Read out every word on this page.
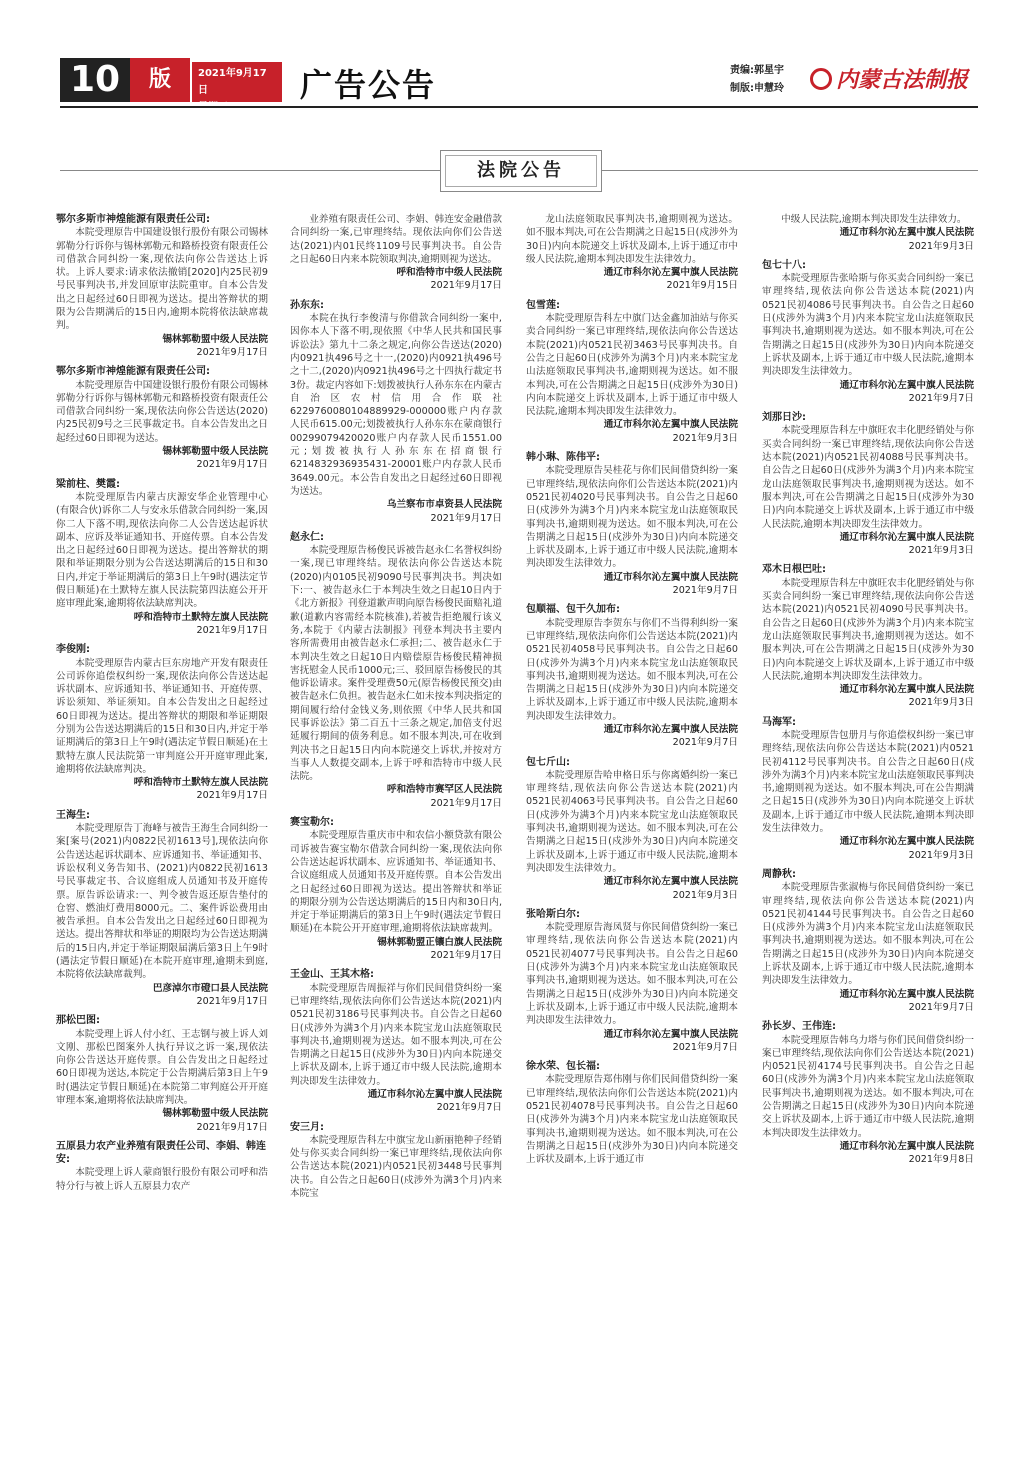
10	版	2021年9月17日	广告公告	责编:郭星宇
制版:申慧玲	内蒙古法制报
法院公告
鄂尔多斯市神煌能源有限责任公司:
本院受理原告中国建设银行股份有限公司锡林郭勒分行诉你与锡林郭勒元和路桥投资有限责任公司借款合同纠纷一案,现依法向你公告送达上诉状。上诉人要求:请求依法撤销[2020]内25民初9号民事判决书,并发回原审法院重审。自本公告发出之日起经过60日即视为送达。提出答辩状的期限为公告期满后的15日内,逾期本院将依法缺席裁判。
锡林郭勒盟中级人民法院
2021年9月17日
鄂尔多斯市神煌能源有限责任公司:
本院受理原告中国建设银行股份有限公司锡林郭勒分行诉你与锡林郭勒元和路桥投资有限责任公司借款合同纠纷一案,现依法向你公告送达(2020)内25民初9号之三民事裁定书。自本公告发出之日起经过60日即视为送达。
锡林郭勒盟中级人民法院
2021年9月17日
梁前柱、樊霞:
本院受理原告内蒙古庆源安华企业管理中心(有限合伙)诉你二人与安永乐借款合同纠纷一案,因你二人下落不明,现依法向你二人公告送达起诉状副本、应诉及举证通知书、开庭传票。自本公告发出之日起经过60日即视为送达。提出答辩状的期限和举证期限分别为公告送达期满后的15日和30日内,并定于举证期满后的第3日上午9时(遇法定节假日顺延)在土默特左旗人民法院第四法庭公开开庭审理此案,逾期将依法缺席判决。
呼和浩特市土默特左旗人民法院
2021年9月17日
李俊刚:
本院受理原告内蒙古巨东房地产开发有限责任公司诉你追偿权纠纷一案,现依法向你公告送达起诉状副本、应诉通知书、举证通知书、开庭传票、诉讼须知、举证须知。自本公告发出之日起经过60日即视为送达。提出答辩状的期限和举证期限分别为公告送达期满后的15日和30日内,并定于举证期满后的第3日上午9时(遇法定节假日顺延)在土默特左旗人民法院第一审判庭公开开庭审理此案,逾期将依法缺席判决。
呼和浩特市土默特左旗人民法院
2021年9月17日
王海生:
本院受理原告丁海峰与被告王海生合同纠纷一案[案号(2021)内0822民初1613号],现依法向你公告送达起诉状副本、应诉通知书、举证通知书、诉讼权利义务告知书、(2021)内0822民初1613号民事裁定书、合议庭组成人员通知书及开庭传票。原告诉讼请求:一、判令被告返还原告垫付的仓窖、燃油灯费用8000元。二、案件诉讼费用由被告承担。自本公告发出之日起经过60日即视为送达。提出答辩状和举证的期限均为公告送达期满后的15日内,并定于举证期限届满后第3日上午9时(遇法定节假日顺延)在本院开庭审理,逾期未到庭,本院将依法缺席裁判。
巴彦淖尔市磴口县人民法院
2021年9月17日
那松巴图:
本院受理上诉人付小红、王志钢与被上诉人刘文刚、那松巴图案外人执行异议之诉一案,现依法向你公告送达开庭传票。自公告发出之日起经过60日即视为送达,本院定于公告期满后第3日上午9时(遇法定节假日顺延)在本院第二审判庭公开开庭审理本案,逾期将依法缺席判决。
锡林郭勒盟中级人民法院
2021年9月17日
五原县力农产业养殖有限责任公司、李娟、韩连安:
本院受理上诉人蒙商银行股份有限公司呼和浩特分行与被上诉人五原县力农产
业养殖有限责任公司、李娟、韩连安金融借款合同纠纷一案,已审理终结。现依法向你们公告送达(2021)内01民终1109号民事判决书。自公告之日起60日内来本院领取判决,逾期则视为送达。
呼和浩特市中级人民法院
2021年9月17日
孙东东:
本院在执行李俊清与你借款合同纠纷一案中,因你本人下落不明,现依照《中华人民共和国民事诉讼法》第九十二条之规定,向你公告送达(2020)内0921执496号之十一,(2020)内0921执496号之十二,(2020)内0921执496号之十四执行裁定书3份。裁定内容如下:划拨被执行人孙东东在内蒙古自治区农村信用合作联社6229760080104889929-000000账户内存款人民币615.00元;划拨被执行人孙东东在蒙商银行00299079420020账户内存款人民币1551.00元;划拨被执行人孙东东在招商银行6214832936935431-20001账户内存款人民币3649.00元。本公告自发出之日起经过60日即视为送达。
乌兰察布市卓资县人民法院
2021年9月17日
赵永仁:
本院受理原告杨俊民诉被告赵永仁名誉权纠纷一案,现已审理终结。现依法向你公告送达本院(2020)内0105民初9090号民事判决书。判决如下:一、被告赵永仁于本判决生效之日起10日内于《北方新报》刊登道歉声明向原告杨俊民面赔礼道歉(道歉内容需经本院核准),若被告拒绝履行该义务,本院于《内蒙古法制报》刊登本判决书主要内容所需费用由被告赵永仁承担;二、被告赵永仁于本判决生效之日起10日内赔偿原告杨俊民精神损害抚慰金人民币1000元;三、驳回原告杨俊民的其他诉讼请求。案件受理费50元(原告杨俊民预交)由被告赵永仁负担。被告赵永仁如未按本判决指定的期间履行给付金钱义务,则依照《中华人民共和国民事诉讼法》第二百五十三条之规定,加倍支付迟延履行期间的债务利息。如不服本判决,可在收到判决书之日起15日内向本院递交上诉状,并按对方当事人人数提交副本,上诉于呼和浩特市中级人民法院。
呼和浩特市赛罕区人民法院
2021年9月17日
赛宝勒尔:
本院受理原告重庆市中和农信小额贷款有限公司诉被告赛宝勒尔借款合同纠纷一案,现依法向你公告送达起诉状副本、应诉通知书、举证通知书、合议庭组成人员通知书及开庭传票。自本公告发出之日起经过60日即视为送达。提出答辩状和举证的期限分别为公告送达期满后的15日内和30日内,并定于举证期满后的第3日上午9时(遇法定节假日顺延)在本院公开开庭审理,逾期将依法缺席裁判。
锡林郭勒盟正镶白旗人民法院
2021年9月17日
王金山、王其木格:
本院受理原告周振祥与你们民间借贷纠纷一案已审理终结,现依法向你们公告送达本院(2021)内0521民初3186号民事判决书。自公告之日起60日(戍涉外为满3个月)内来本院宝龙山法庭领取民事判决书,逾期则视为送达。如不服本判决,可在公告期满之日起15日(戍涉外为30日)内向本院递交上诉状及副本,上诉于通辽市中级人民法院,逾期本判决即发生法律效力。
通辽市科尔沁左翼中旗人民法院
2021年9月7日
安三月:
本院受理原告科左中旗宝龙山新丽艳种子经销处与你买卖合同纠纷一案已审理终结,现依法向你公告送达本院(2021)内0521民初3448号民事判决书。自公告之日起60日(戍涉外为满3个月)内来本院宝
龙山法庭领取民事判决书,逾期则视为送达。如不服本判决,可在公告期满之日起15日(戍涉外为30日)内向本院递交上诉状及副本,上诉于通辽市中级人民法院,逾期本判决即发生法律效力。
通辽市科尔沁左翼中旗人民法院
2021年9月15日
包雪莲:
本院受理原告科左中旗门达金鑫加油站与你买卖合同纠纷一案已审理终结,现依法向你公告送达本院(2021)内0521民初3463号民事判决书。自公告之日起60日(戍涉外为满3个月)内来本院宝龙山法庭领取民事判决书,逾期则视为送达。如不服本判决,可在公告期满之日起15日(戍涉外为30日)内向本院递交上诉状及副本,上诉于通辽市中级人民法院,逾期本判决即发生法律效力。
通辽市科尔沁左翼中旗人民法院
2021年9月3日
韩小琳、陈伟平:
本院受理原告吴桂花与你们民间借贷纠纷一案已审理终结,现依法向你们公告送达本院(2021)内0521民初4020号民事判决书。自公告之日起60日(戍涉外为满3个月)内来本院宝龙山法庭领取民事判决书,逾期则视为送达。如不服本判决,可在公告期满之日起15日(戍涉外为30日)内向本院递交上诉状及副本,上诉于通辽市中级人民法院,逾期本判决即发生法律效力。
通辽市科尔沁左翼中旗人民法院
2021年9月7日
包顺福、包干久加布:
本院受理原告李贺东与你们不当得利纠纷一案已审理终结,现依法向你们公告送达本院(2021)内0521民初4058号民事判决书。自公告之日起60日(戍涉外为满3个月)内来本院宝龙山法庭领取民事判决书,逾期则视为送达。如不服本判决,可在公告期满之日起15日(戍涉外为30日)内向本院递交上诉状及副本,上诉于通辽市中级人民法院,逾期本判决即发生法律效力。
通辽市科尔沁左翼中旗人民法院
2021年9月7日
包七斤山:
本院受理原告哈申格日乐与你离婚纠纷一案已审理终结,现依法向你公告送达本院(2021)内0521民初4063号民事判决书。自公告之日起60日(戍涉外为满3个月)内来本院宝龙山法庭领取民事判决书,逾期则视为送达。如不服本判决,可在公告期满之日起15日(戍涉外为30日)内向本院递交上诉状及副本,上诉于通辽市中级人民法院,逾期本判决即发生法律效力。
通辽市科尔沁左翼中旗人民法院
2021年9月3日
张哈斯白尔:
本院受理原告海凤贤与你民间借贷纠纷一案已审理终结,现依法向你公告送达本院(2021)内0521民初4077号民事判决书。自公告之日起60日(戍涉外为满3个月)内来本院宝龙山法庭领取民事判决书,逾期则视为送达。如不服本判决,可在公告期满之日起15日(戍涉外为30日)内向本院递交上诉状及副本,上诉于通辽市中级人民法院,逾期本判决即发生法律效力。
通辽市科尔沁左翼中旗人民法院
2021年9月7日
徐水荣、包长福:
本院受理原告郑伟刚与你们民间借贷纠纷一案已审理终结,现依法向你们公告送达本院(2021)内0521民初4078号民事判决书。自公告之日起60日(戍涉外为满3个月)内来本院宝龙山法庭领取民事判决书,逾期则视为送达。如不服本判决,可在公告期满之日起15日(戍涉外为30日)内向本院递交上诉状及副本,上诉于通辽市
中级人民法院,逾期本判决即发生法律效力。
通辽市科尔沁左翼中旗人民法院
2021年9月3日
包七十八:
本院受理原告张哈斯与你买卖合同纠纷一案已审理终结,现依法向你公告送达本院(2021)内0521民初4086号民事判决书。自公告之日起60日(戍涉外为满3个月)内来本院宝龙山法庭领取民事判决书,逾期则视为送达。如不服本判决,可在公告期满之日起15日(戍涉外为30日)内向本院递交上诉状及副本,上诉于通辽市中级人民法院,逾期本判决即发生法律效力。
通辽市科尔沁左翼中旗人民法院
2021年9月7日
刘那日沙:
本院受理原告科左中旗旺农丰化肥经销处与你买卖合同纠纷一案已审理终结,现依法向你公告送达本院(2021)内0521民初4088号民事判决书。自公告之日起60日(戍涉外为满3个月)内来本院宝龙山法庭领取民事判决书,逾期则视为送达。如不服本判决,可在公告期满之日起15日(戍涉外为30日)内向本院递交上诉状及副本,上诉于通辽市中级人民法院,逾期本判决即发生法律效力。
通辽市科尔沁左翼中旗人民法院
2021年9月3日
邓木日根巴吐:
本院受理原告科左中旗旺农丰化肥经销处与你买卖合同纠纷一案已审理终结,现依法向你公告送达本院(2021)内0521民初4090号民事判决书。自公告之日起60日(戍涉外为满3个月)内来本院宝龙山法庭领取民事判决书,逾期则视为送达。如不服本判决,可在公告期满之日起15日(戍涉外为30日)内向本院递交上诉状及副本,上诉于通辽市中级人民法院,逾期本判决即发生法律效力。
通辽市科尔沁左翼中旗人民法院
2021年9月3日
马海军:
本院受理原告包册月与你追偿权纠纷一案已审理终结,现依法向你公告送达本院(2021)内0521民初4112号民事判决书。自公告之日起60日(戍涉外为满3个月)内来本院宝龙山法庭领取民事判决书,逾期则视为送达。如不服本判决,可在公告期满之日起15日(戍涉外为30日)内向本院递交上诉状及副本,上诉于通辽市中级人民法院,逾期本判决即发生法律效力。
通辽市科尔沁左翼中旗人民法院
2021年9月3日
周静秋:
本院受理原告张淑梅与你民间借贷纠纷一案已审理终结,现依法向你公告送达本院(2021)内0521民初4144号民事判决书。自公告之日起60日(戍涉外为满3个月)内来本院宝龙山法庭领取民事判决书,逾期则视为送达。如不服本判决,可在公告期满之日起15日(戍涉外为30日)内向本院递交上诉状及副本,上诉于通辽市中级人民法院,逾期本判决即发生法律效力。
通辽市科尔沁左翼中旗人民法院
2021年9月7日
孙长岁、王伟连:
本院受理原告韩乌力塔与你们民间借贷纠纷一案已审理终结,现依法向你们公告送达本院(2021)内0521民初4174号民事判决书。自公告之日起60日(戍涉外为满3个月)内来本院宝龙山法庭领取民事判决书,逾期则视为送达。如不服本判决,可在公告期满之日起15日(戍涉外为30日)内向本院递交上诉状及副本,上诉于通辽市中级人民法院,逾期本判决即发生法律效力。
通辽市科尔沁左翼中旗人民法院
2021年9月8日
